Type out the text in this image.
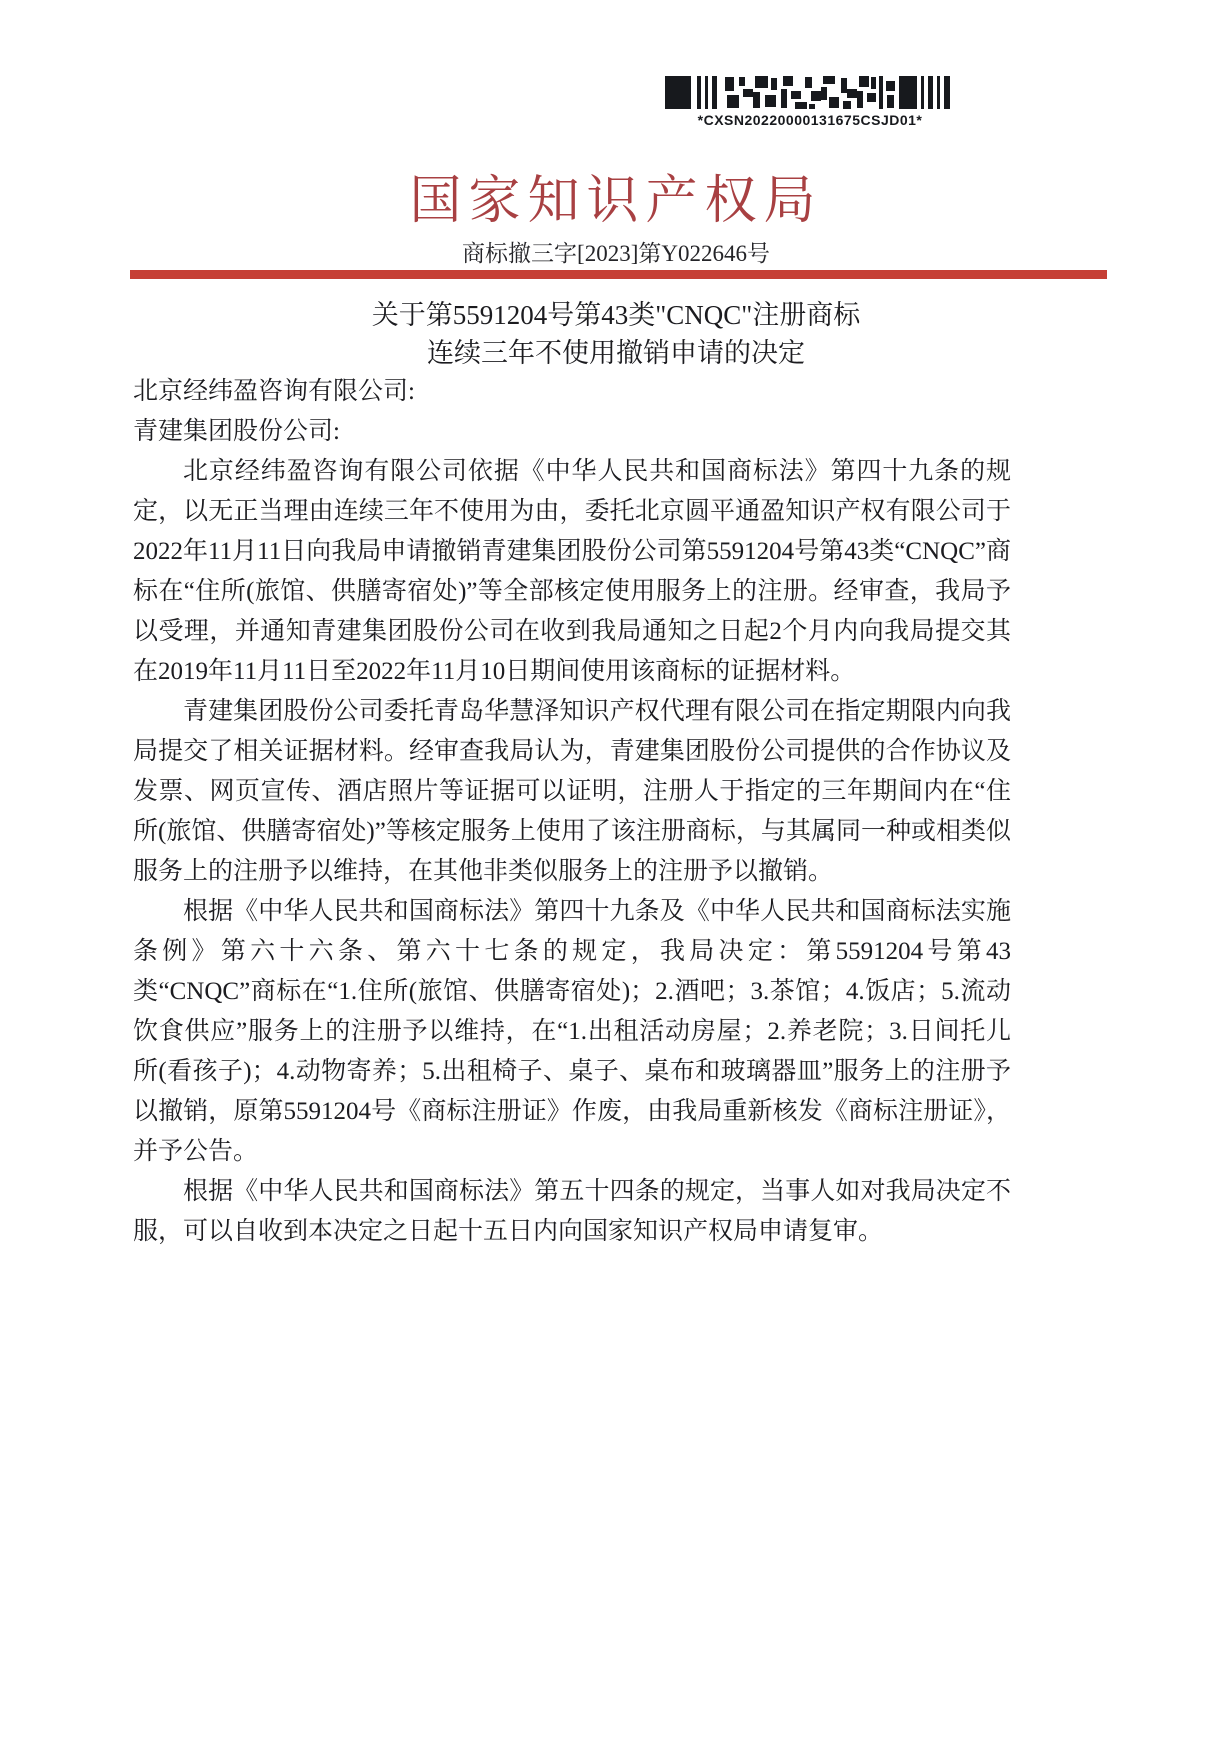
*CXSN20220000131675CSJD01*
国家知识产权局
商标撤三字[2023]第Y022646号
关于第5591204号第43类"CNQC"注册商标
连续三年不使用撤销申请的决定

北京经纬盈咨询有限公司:

青建集团股份公司:

北京经纬盈咨询有限公司依据《中华人民共和国商标法》第四十九条的规定，以无正当理由连续三年不使用为由，委托北京圆平通盈知识产权有限公司于2022年11月11日向我局申请撤销青建集团股份公司第5591204号第43类“CNQC”商标在“住所(旅馆、供膳寄宿处)”等全部核定使用服务上的注册。经审查，我局予以受理，并通知青建集团股份公司在收到我局通知之日起2个月内向我局提交其在2019年11月11日至2022年11月10日期间使用该商标的证据材料。

青建集团股份公司委托青岛华慧泽知识产权代理有限公司在指定期限内向我局提交了相关证据材料。经审查我局认为，青建集团股份公司提供的合作协议及发票、网页宣传、酒店照片等证据可以证明，注册人于指定的三年期间内在“住所(旅馆、供膳寄宿处)”等核定服务上使用了该注册商标，与其属同一种或相类似服务上的注册予以维持，在其他非类似服务上的注册予以撤销。

根据《中华人民共和国商标法》第四十九条及《中华人民共和国商标法实施条例》第六十六条、第六十七条的规定，我局决定：第5591204号第43类“CNQC”商标在“1.住所(旅馆、供膳寄宿处)；2.酒吧；3.茶馆；4.饭店；5.流动饮食供应”服务上的注册予以维持，在“1.出租活动房屋；2.养老院；3.日间托儿所(看孩子)；4.动物寄养；5.出租椅子、桌子、桌布和玻璃器皿”服务上的注册予以撤销，原第5591204号《商标注册证》作废，由我局重新核发《商标注册证》，并予公告。

根据《中华人民共和国商标法》第五十四条的规定，当事人如对我局决定不服，可以自收到本决定之日起十五日内向国家知识产权局申请复审。
